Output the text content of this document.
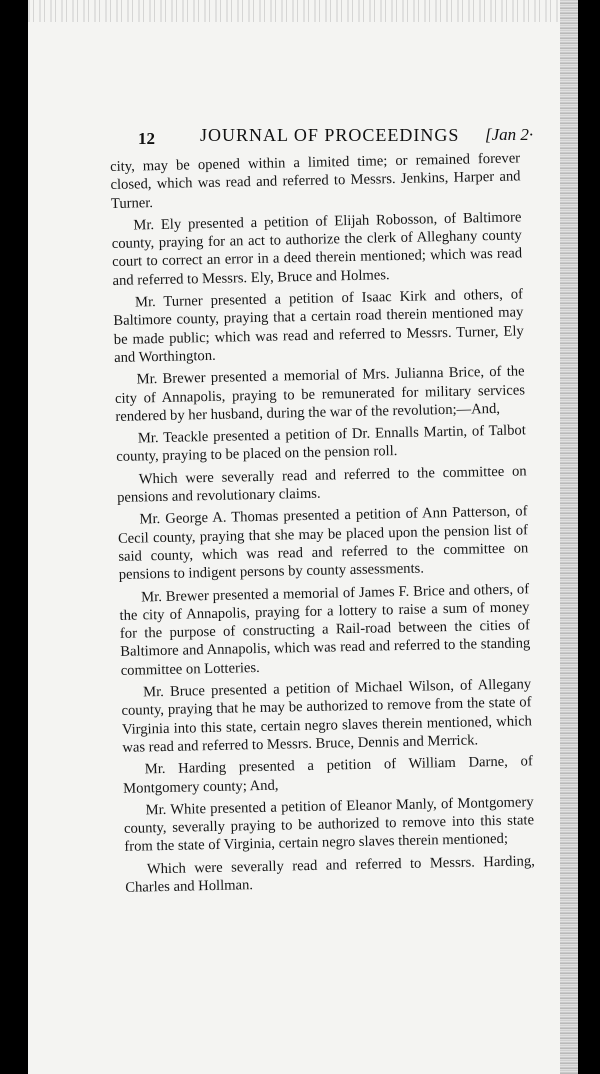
12	JOURNAL OF PROCEEDINGS [Jan 2·

city, may be opened within a limited time; or remained forever closed, which was read and referred to Messrs. Jenkins, Harper and Turner.

Mr. Ely presented a petition of Elijah Robosson, of Baltimore county, praying for an act to authorize the clerk of Alleghany county court to correct an error in a deed therein mentioned; which was read and referred to Messrs. Ely, Bruce and Holmes.

Mr. Turner presented a petition of Isaac Kirk and others, of Baltimore county, praying that a certain road therein mentioned may be made public; which was read and referred to Messrs. Turner, Ely and Worthington.

Mr. Brewer presented a memorial of Mrs. Julianna Brice, of the city of Annapolis, praying to be remunerated for military services rendered by her husband, during the war of the revolution;—And,

Mr. Teackle presented a petition of Dr. Ennalls Martin, of Talbot county, praying to be placed on the pension roll.

Which were severally read and referred to the committee on pensions and revolutionary claims.

Mr. George A. Thomas presented a petition of Ann Patterson, of Cecil county, praying that she may be placed upon the pension list of said county, which was read and referred to the committee on pensions to indigent persons by county assessments.

Mr. Brewer presented a memorial of James F. Brice and others, of the city of Annapolis, praying for a lottery to raise a sum of money for the purpose of constructing a Rail-road between the cities of Baltimore and Annapolis, which was read and referred to the standing committee on Lotteries.

Mr. Bruce presented a petition of Michael Wilson, of Allegany county, praying that he may be authorized to remove from the state of Virginia into this state, certain negro slaves therein mentioned, which was read and referred to Messrs. Bruce, Dennis and Merrick.

Mr. Harding presented a petition of William Darne, of Montgomery county; And,

Mr. White presented a petition of Eleanor Manly, of Montgomery county, severally praying to be authorized to remove into this state from the state of Virginia, certain negro slaves therein mentioned;

Which were severally read and referred to Messrs. Harding, Charles and Hollman.
